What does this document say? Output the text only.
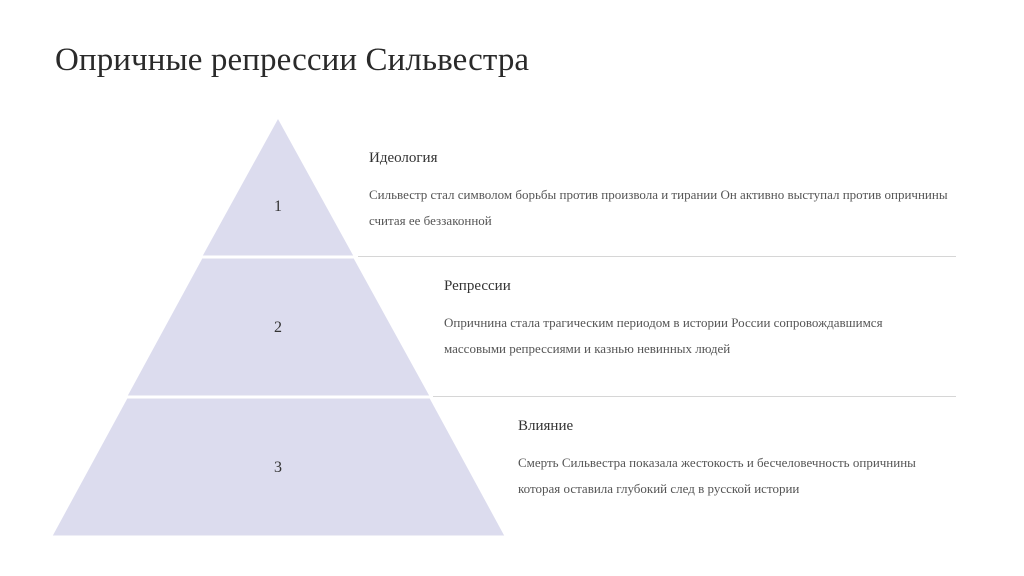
Опричные репрессии Сильвестра
1
2
3

Идеология

Сильвестр стал символом борьбы против произвола и тирании Он активно выступал против опричнины считая ее беззаконной

Репрессии

Опричнина стала трагическим периодом в истории России сопровождавшимся массовыми репрессиями и казнью невинных людей

Влияние

Смерть Сильвестра показала жестокость и бесчеловечность опричнины которая оставила глубокий след в русской истории
